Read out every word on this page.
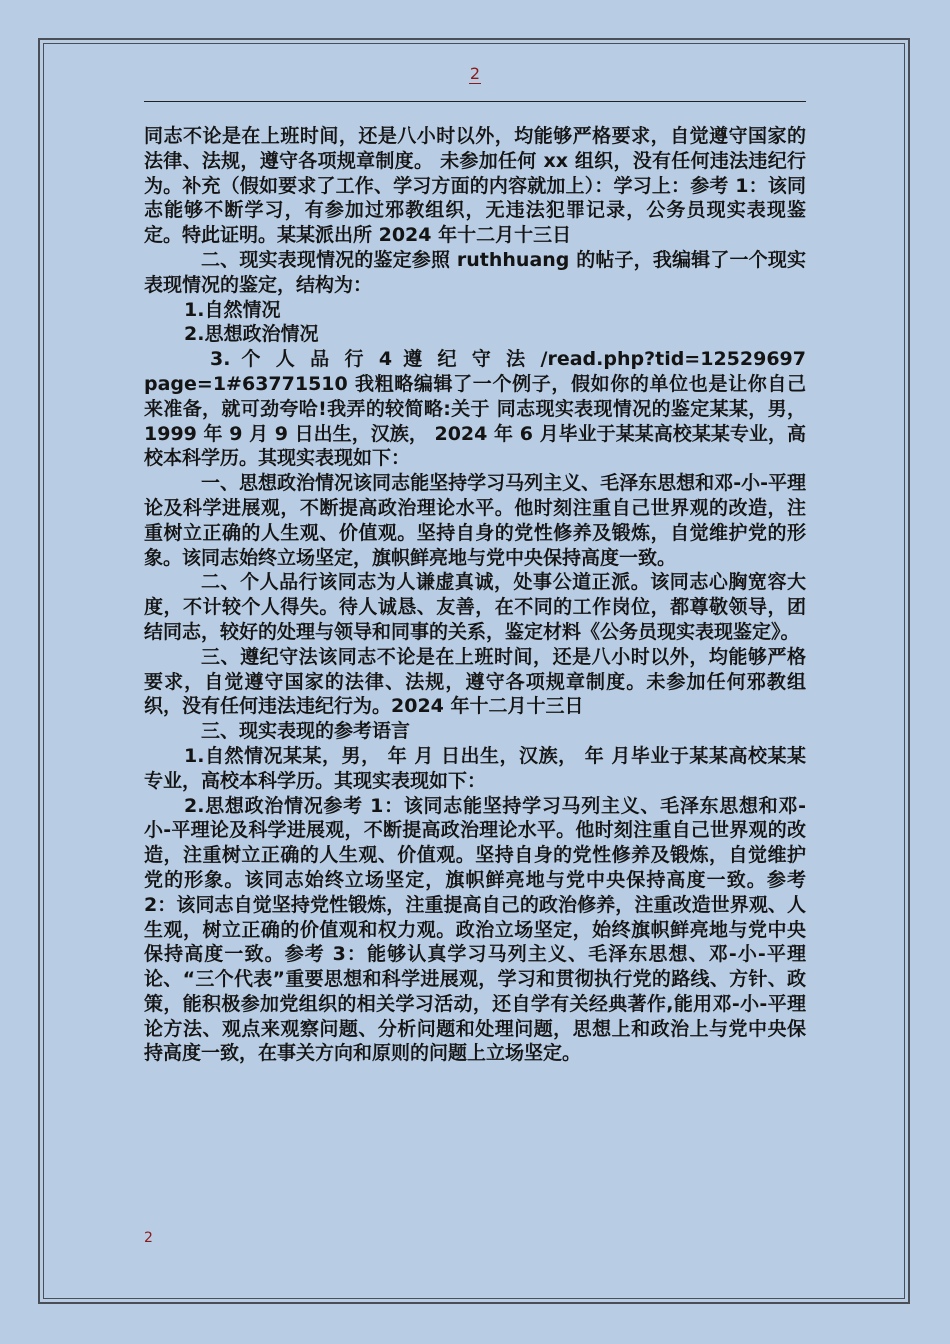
2

同志不论是在上班时间，还是八小时以外，均能够严格要求，自觉遵守国家的法律、法规，遵守各项规章制度。 未参加任何 xx 组织，没有任何违法违纪行为。补充（假如要求了工作、学习方面的内容就加上）：学习上：参考 1：该同志能够不断学习，有参加过邪教组织，无违法犯罪记录，公务员现实表现鉴定。特此证明。某某派出所 2024 年十二月十三日

二、现实表现情况的鉴定参照 ruthhuang 的帖子，我编辑了一个现实表现情况的鉴定，结构为：

1.自然情况

2.思想政治情况

3. 个 人 品 行 4 遵 纪 守 法 /read.php?tid=12529697 page=1#63771510 我粗略编辑了一个例子，假如你的单位也是让你自己来准备，就可劲夸哈!我弄的较简略:关于 同志现实表现情况的鉴定某某，男，1999 年 9 月 9 日出生，汉族， 2024 年 6 月毕业于某某高校某某专业，高校本科学历。其现实表现如下：

一、思想政治情况该同志能坚持学习马列主义、毛泽东思想和邓-小-平理论及科学进展观，不断提高政治理论水平。他时刻注重自己世界观的改造，注重树立正确的人生观、价值观。坚持自身的党性修养及锻炼，自觉维护党的形象。该同志始终立场坚定，旗帜鲜亮地与党中央保持高度一致。

二、个人品行该同志为人谦虚真诚，处事公道正派。该同志心胸宽容大度，不计较个人得失。待人诚恳、友善，在不同的工作岗位，都尊敬领导，团结同志，较好的处理与领导和同事的关系，鉴定材料《公务员现实表现鉴定》。

三、遵纪守法该同志不论是在上班时间，还是八小时以外，均能够严格要求，自觉遵守国家的法律、法规，遵守各项规章制度。未参加任何邪教组织，没有任何违法违纪行为。2024 年十二月十三日

三、现实表现的参考语言

1.自然情况某某，男， 年 月 日出生，汉族， 年 月毕业于某某高校某某专业，高校本科学历。其现实表现如下：

2.思想政治情况参考 1：该同志能坚持学习马列主义、毛泽东思想和邓-小-平理论及科学进展观，不断提高政治理论水平。他时刻注重自己世界观的改造，注重树立正确的人生观、价值观。坚持自身的党性修养及锻炼，自觉维护党的形象。该同志始终立场坚定，旗帜鲜亮地与党中央保持高度一致。参考 2：该同志自觉坚持党性锻炼，注重提高自己的政治修养，注重改造世界观、人生观，树立正确的价值观和权力观。政治立场坚定，始终旗帜鲜亮地与党中央保持高度一致。参考 3：能够认真学习马列主义、毛泽东思想、邓-小-平理论、“三个代表”重要思想和科学进展观，学习和贯彻执行党的路线、方针、政策，能积极参加党组织的相关学习活动，还自学有关经典著作,能用邓-小-平理论方法、观点来观察问题、分析问题和处理问题，思想上和政治上与党中央保持高度一致，在事关方向和原则的问题上立场坚定。

2
